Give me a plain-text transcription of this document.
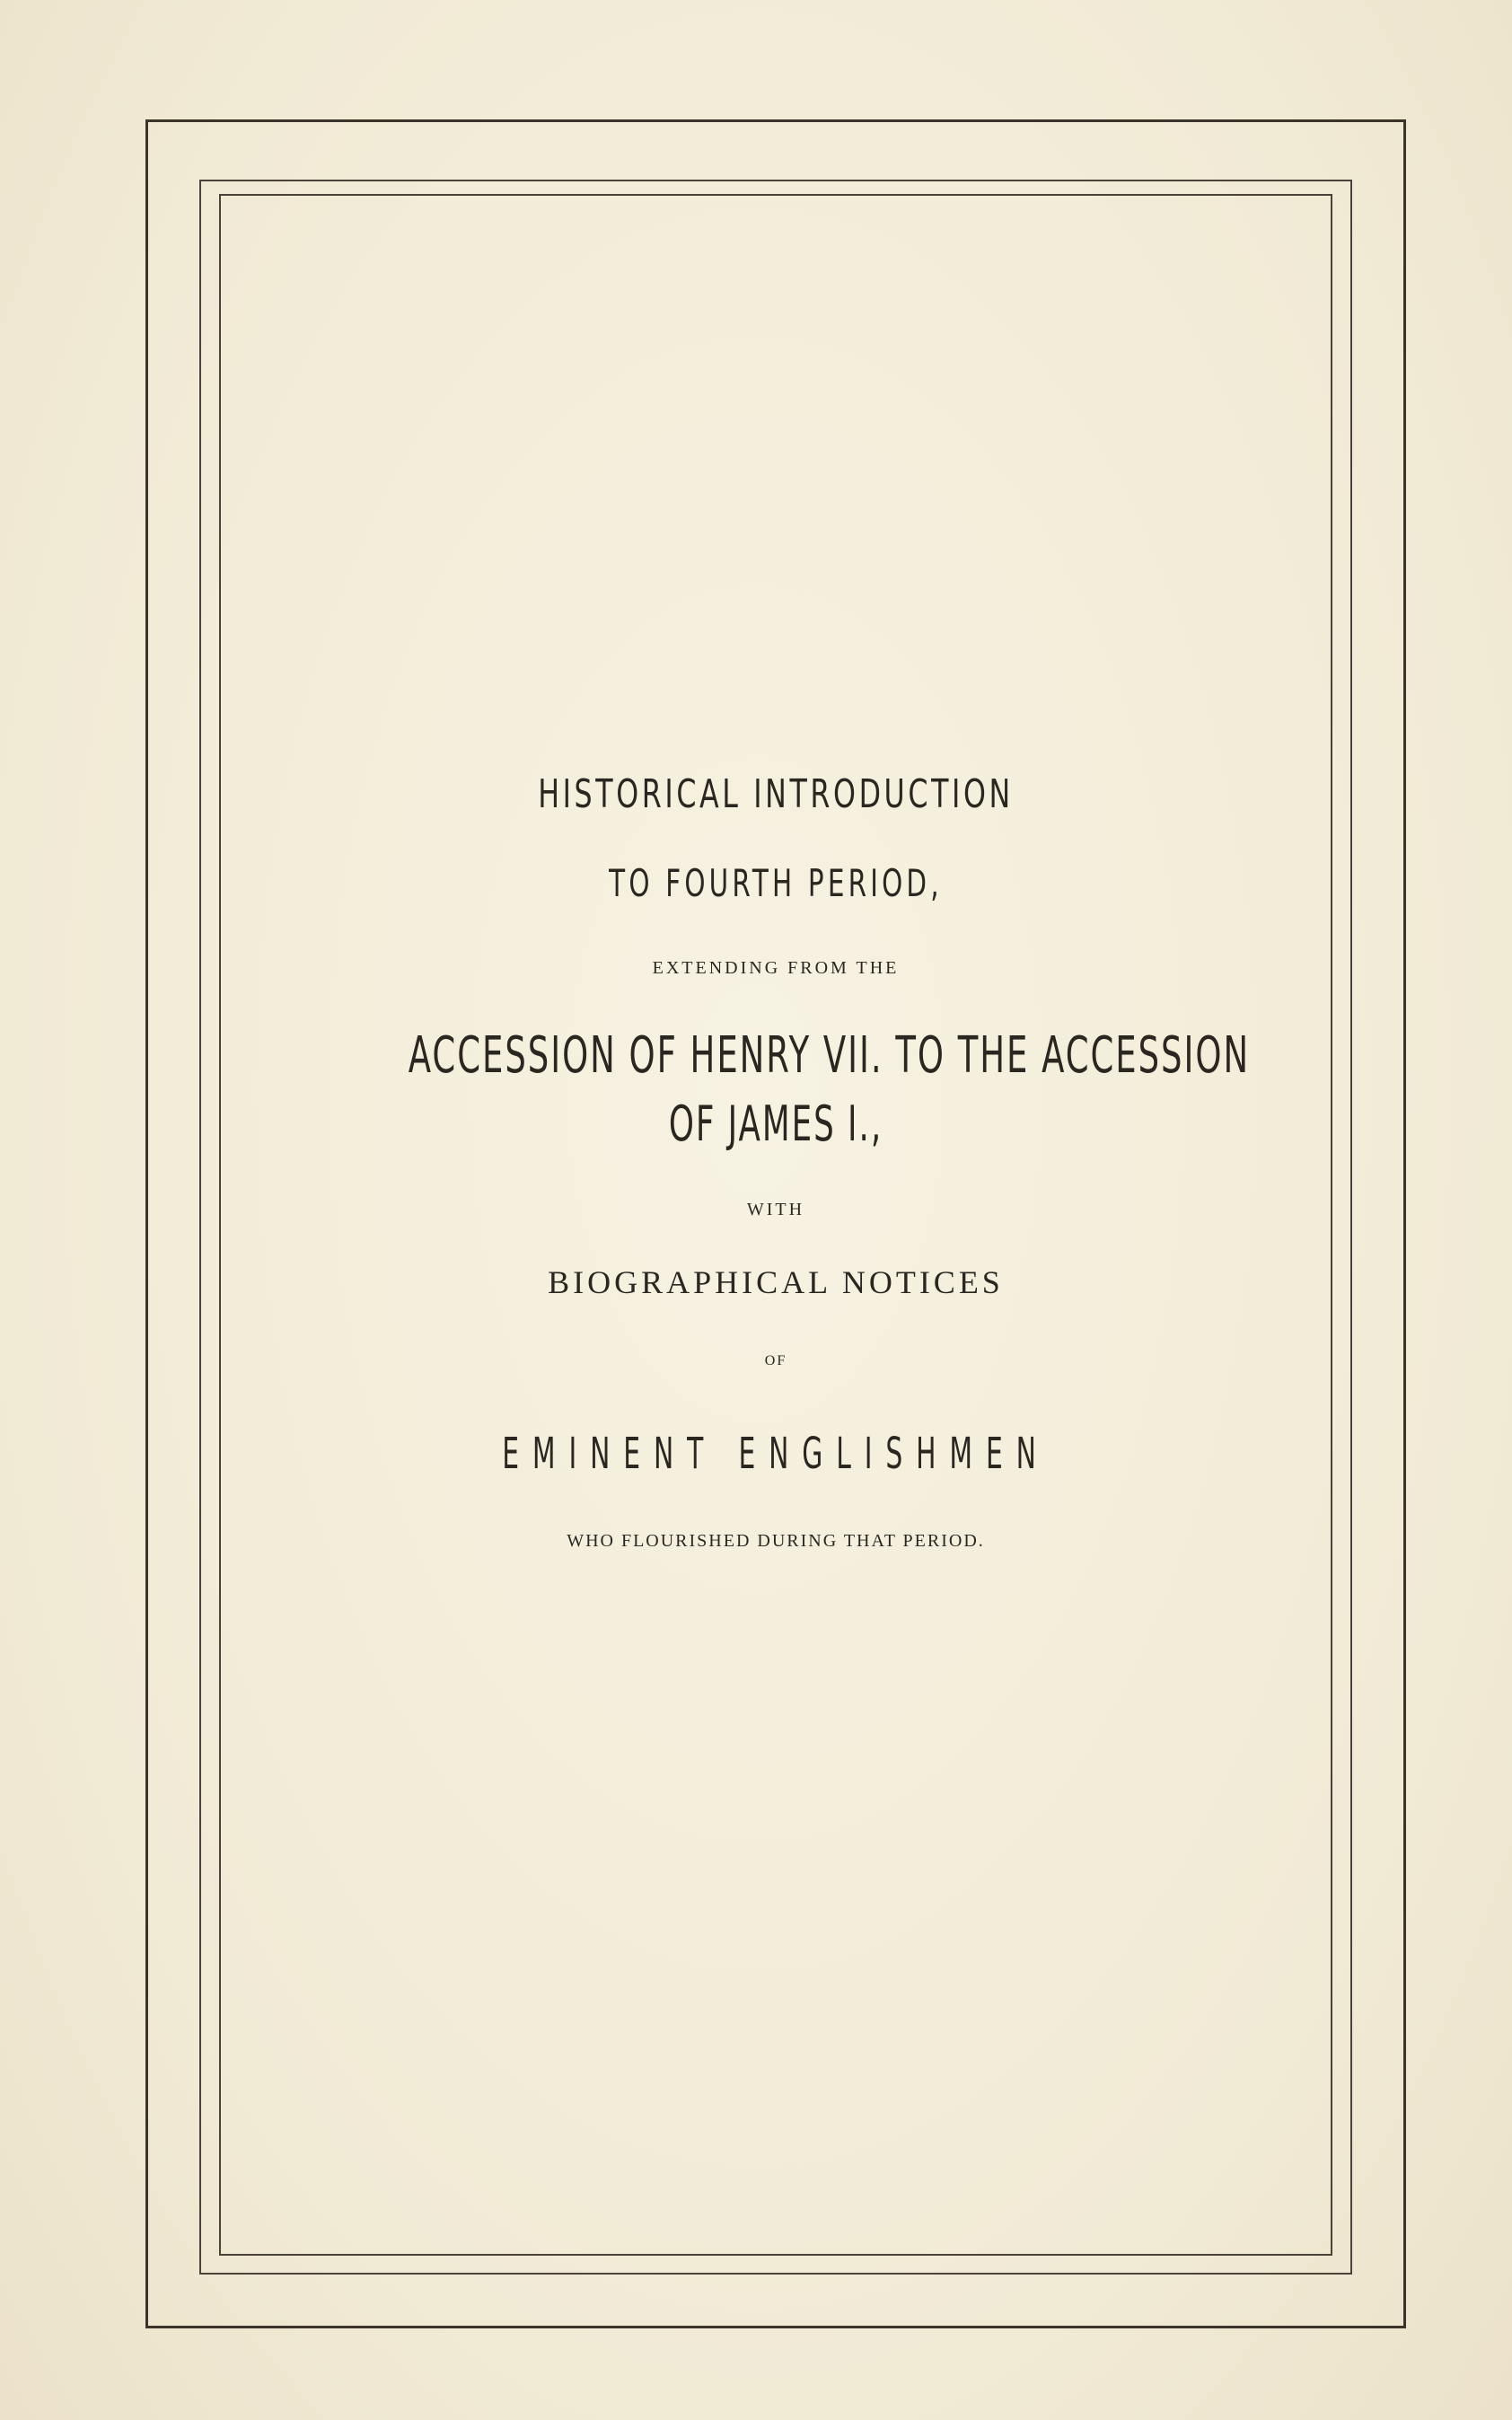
HISTORICAL INTRODUCTION
TO FOURTH PERIOD,
EXTENDING FROM THE
ACCESSION OF HENRY VII. TO THE ACCESSION
OF JAMES I.,
WITH
BIOGRAPHICAL NOTICES
OF
EMINENT ENGLISHMEN
WHO FLOURISHED DURING THAT PERIOD.
